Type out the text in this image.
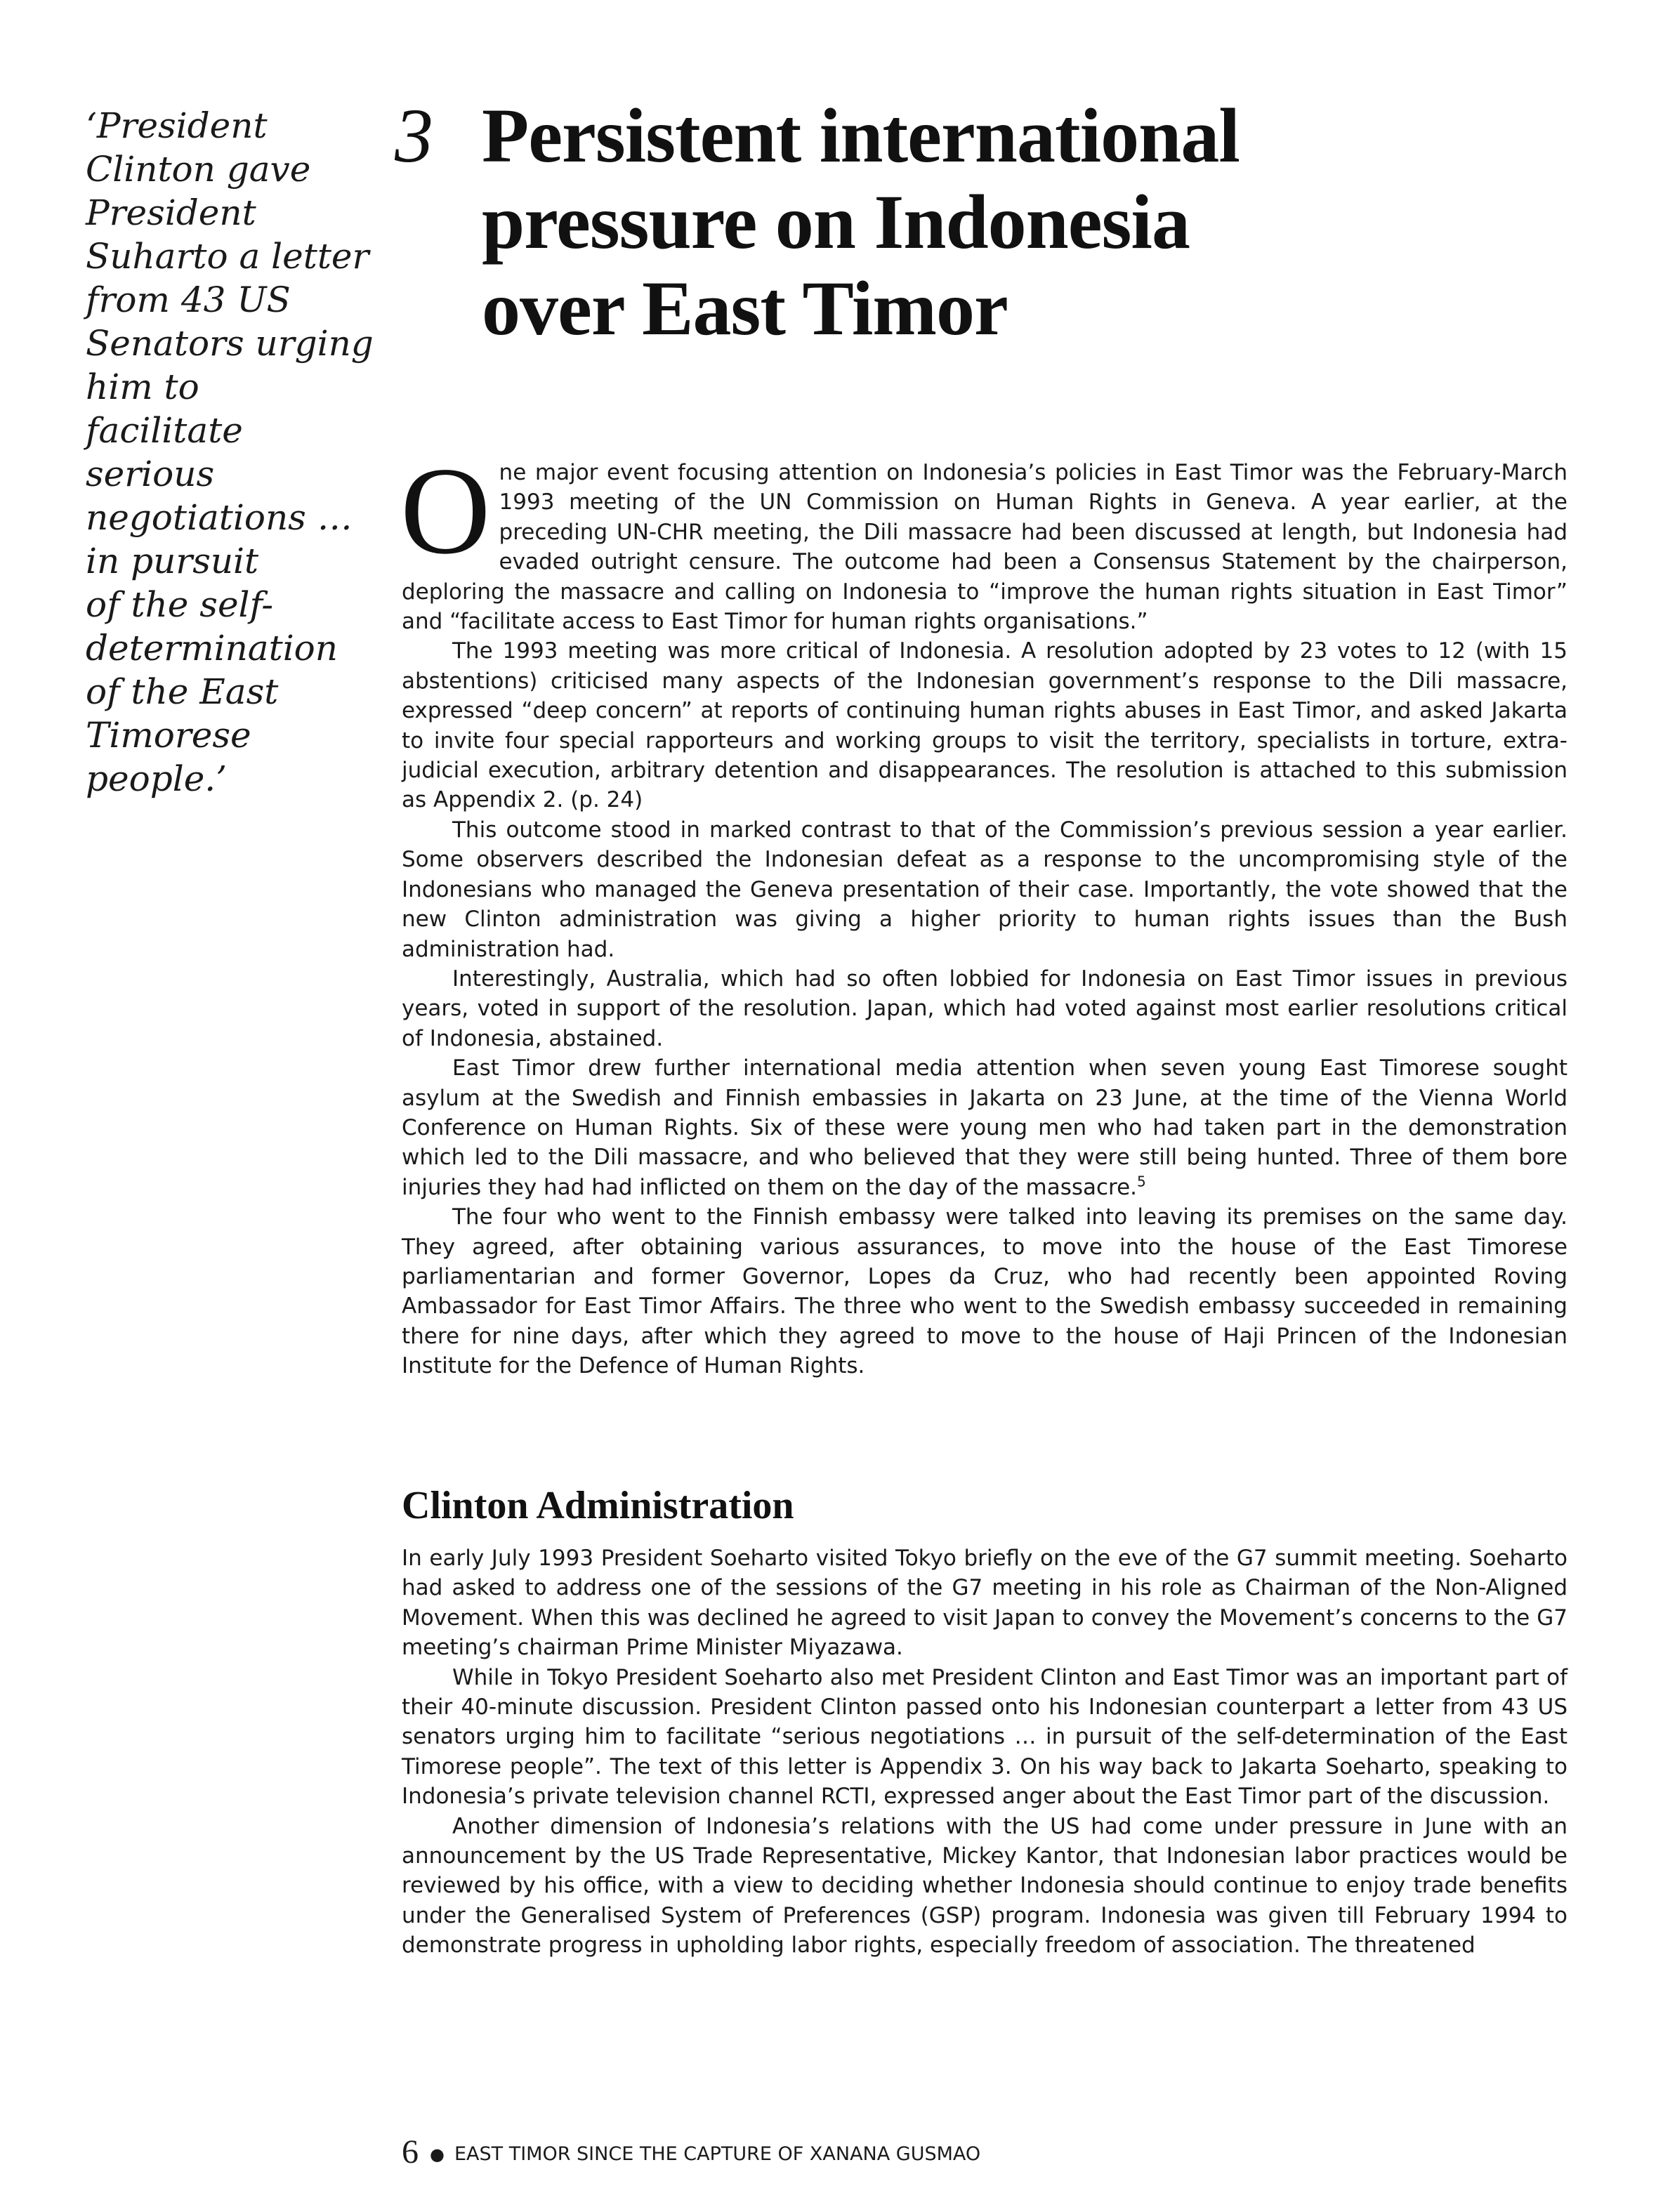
‘President
Clinton gave
President
Suharto a letter
from 43 US
Senators urging
him to
facilitate
serious
negotiations …
in pursuit
of the self-
determination
of the East
Timorese
people.’
3 Persistent international
pressure on Indonesia
over East Timor

One major event focusing attention on Indonesia’s policies in East Timor was the February-March 1993 meeting of the UN Commission on Human Rights in Geneva. A year earlier, at the preceding UN-CHR meeting, the Dili massacre had been discussed at length, but Indonesia had evaded outright censure. The outcome had been a Consensus Statement by the chairperson, deploring the massacre and calling on Indonesia to “improve the human rights situation in East Timor” and “facilitate access to East Timor for human rights organisations.”

The 1993 meeting was more critical of Indonesia. A resolution adopted by 23 votes to 12 (with 15 abstentions) criticised many aspects of the Indonesian government’s response to the Dili massacre, expressed “deep concern” at reports of continuing human rights abuses in East Timor, and asked Jakarta to invite four special rapporteurs and working groups to visit the territory, specialists in torture, extra-judicial execution, arbitrary detention and disappearances. The resolution is attached to this submission as Appendix 2. (p. 24)

This outcome stood in marked contrast to that of the Commission’s previous session a year earlier. Some observers described the Indonesian defeat as a response to the uncompromising style of the Indonesians who managed the Geneva presentation of their case. Importantly, the vote showed that the new Clinton administration was giving a higher priority to human rights issues than the Bush administration had.

Interestingly, Australia, which had so often lobbied for Indonesia on East Timor issues in previous years, voted in support of the resolution. Japan, which had voted against most earlier resolutions critical of Indonesia, abstained.

East Timor drew further international media attention when seven young East Timorese sought asylum at the Swedish and Finnish embassies in Jakarta on 23 June, at the time of the Vienna World Conference on Human Rights. Six of these were young men who had taken part in the demonstration which led to the Dili massacre, and who believed that they were still being hunted. Three of them bore injuries they had had inflicted on them on the day of the massacre.$^5$

The four who went to the Finnish embassy were talked into leaving its premises on the same day. They agreed, after obtaining various assurances, to move into the house of the East Timorese parliamentarian and former Governor, Lopes da Cruz, who had recently been appointed Roving Ambassador for East Timor Affairs. The three who went to the Swedish embassy succeeded in remaining there for nine days, after which they agreed to move to the house of Haji Princen of the Indonesian Institute for the Defence of Human Rights.

Clinton Administration

In early July 1993 President Soeharto visited Tokyo briefly on the eve of the G7 summit meeting. Soeharto had asked to address one of the sessions of the G7 meeting in his role as Chairman of the Non-Aligned Movement. When this was declined he agreed to visit Japan to convey the Movement’s concerns to the G7 meeting’s chairman Prime Minister Miyazawa.

While in Tokyo President Soeharto also met President Clinton and East Timor was an important part of their 40-minute discussion. President Clinton passed onto his Indonesian counterpart a letter from 43 US senators urging him to facilitate “serious negotiations … in pursuit of the self-determination of the East Timorese people”. The text of this letter is Appendix 3. On his way back to Jakarta Soeharto, speaking to Indonesia’s private television channel RCTI, expressed anger about the East Timor part of the discussion.

Another dimension of Indonesia’s relations with the US had come under pressure in June with an announcement by the US Trade Representative, Mickey Kantor, that Indonesian labor practices would be reviewed by his office, with a view to deciding whether Indonesia should continue to enjoy trade benefits under the Generalised System of Preferences (GSP) program. Indonesia was given till February 1994 to demonstrate progress in upholding labor rights, especially freedom of association. The threatened

6 ● EAST TIMOR SINCE THE CAPTURE OF XANANA GUSMAO
